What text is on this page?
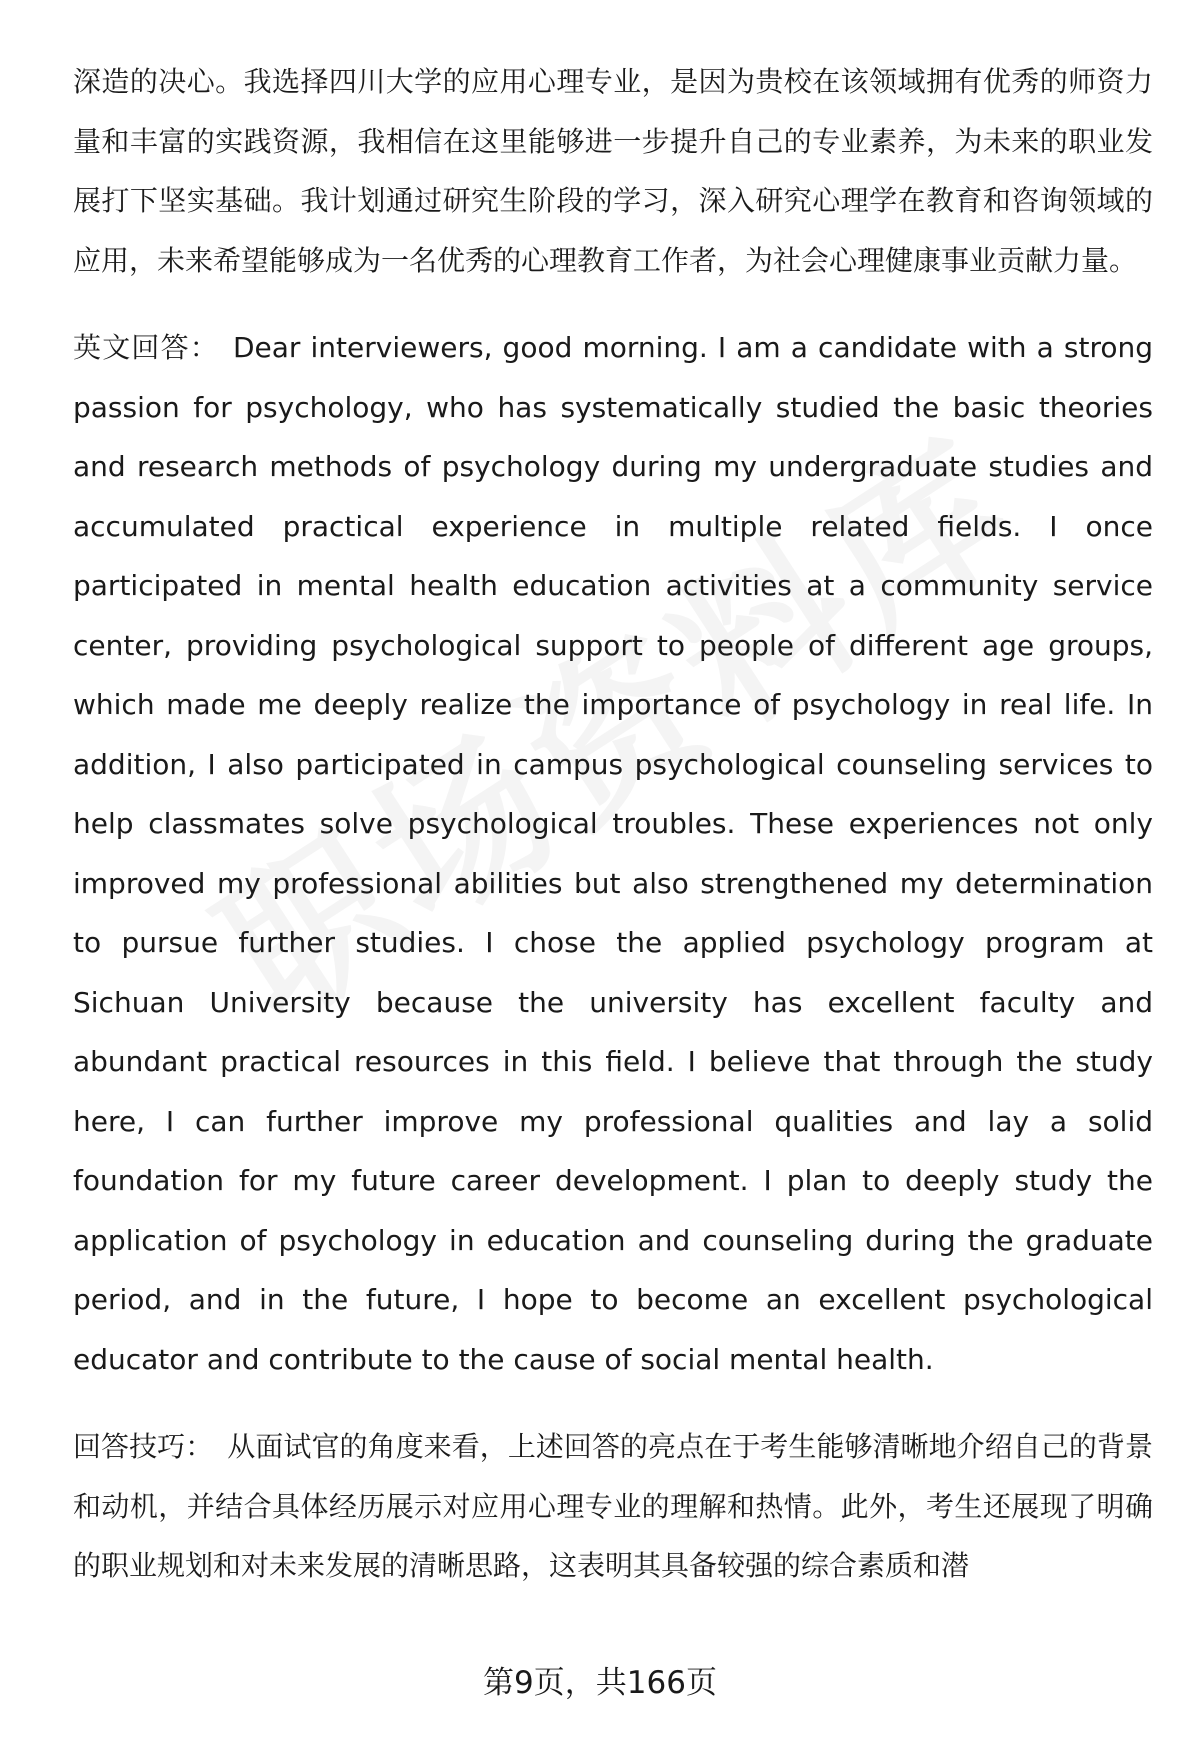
深造的决心。我选择四川大学的应用心理专业，是因为贵校在该领域拥有优秀的师资力量和丰富的实践资源，我相信在这里能够进一步提升自己的专业素养，为未来的职业发展打下坚实基础。我计划通过研究生阶段的学习，深入研究心理学在教育和咨询领域的应用，未来希望能够成为一名优秀的心理教育工作者，为社会心理健康事业贡献力量。

英文回答： Dear interviewers, good morning. I am a candidate with a strong passion for psychology, who has systematically studied the basic theories and research methods of psychology during my undergraduate studies and accumulated practical experience in multiple related fields. I once participated in mental health education activities at a community service center, providing psychological support to people of different age groups, which made me deeply realize the importance of psychology in real life. In addition, I also participated in campus psychological counseling services to help classmates solve psychological troubles. These experiences not only improved my professional abilities but also strengthened my determination to pursue further studies. I chose the applied psychology program at Sichuan University because the university has excellent faculty and abundant practical resources in this field. I believe that through the study here, I can further improve my professional qualities and lay a solid foundation for my future career development. I plan to deeply study the application of psychology in education and counseling during the graduate period, and in the future, I hope to become an excellent psychological educator and contribute to the cause of social mental health.

回答技巧： 从面试官的角度来看，上述回答的亮点在于考生能够清晰地介绍自己的背景和动机，并结合具体经历展示对应用心理专业的理解和热情。此外，考生还展现了明确的职业规划和对未来发展的清晰思路，这表明其具备较强的综合素质和潜

第9页，共166页
